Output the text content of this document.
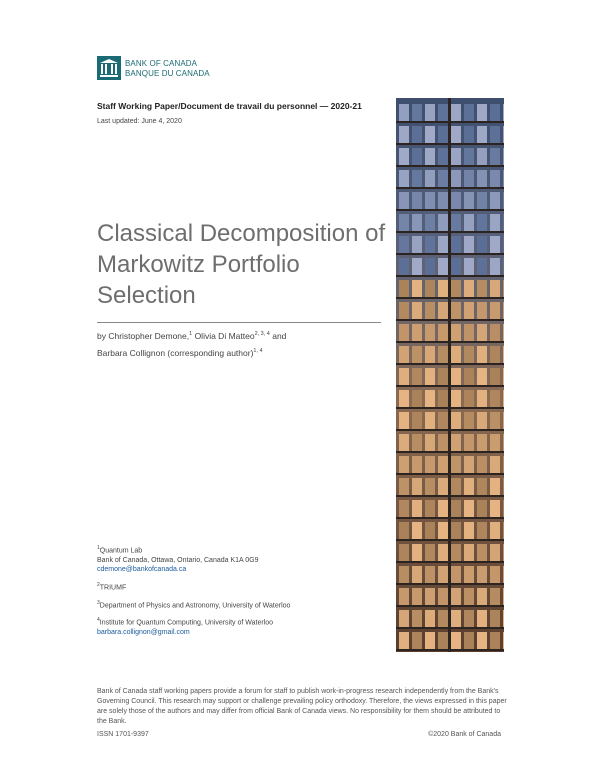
BANK OF CANADA
BANQUE DU CANADA
Staff Working Paper/Document de travail du personnel — 2020-21
Last updated: June 4, 2020
Classical Decomposition of Markowitz Portfolio Selection
by Christopher Demone,$^1$ Olivia Di Matteo$^{2, 3, 4}$ and
Barbara Collignon (corresponding author)$^{1, 4}$
$^1$Quantum Lab
Bank of Canada, Ottawa, Ontario, Canada K1A 0G9
cdemone@bankofcanada.ca
$^2$TRIUMF
$^3$Department of Physics and Astronomy, University of Waterloo
$^4$Institute for Quantum Computing, University of Waterloo
barbara.collignon@gmail.com
Bank of Canada staff working papers provide a forum for staff to publish work-in-progress research independently from the Bank’s Governing Council. This research may support or challenge prevailing policy orthodoxy. Therefore, the views expressed in this paper are solely those of the authors and may differ from official Bank of Canada views. No responsibility for them should be attributed to the Bank.
ISSN 1701-9397	©2020 Bank of Canada
